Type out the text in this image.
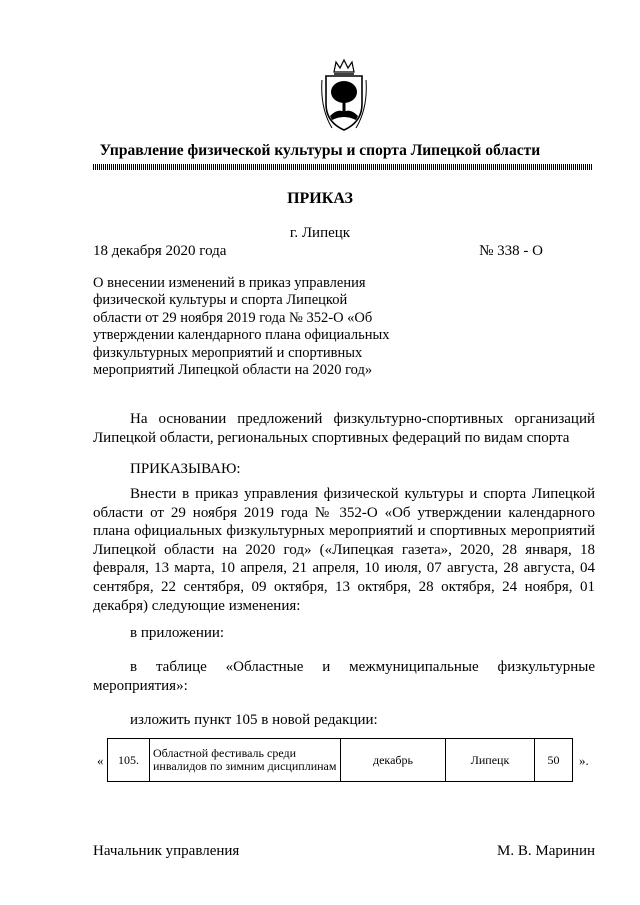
Управление физической культуры и спорта Липецкой области
ПРИКАЗ
г. Липецк
18 декабря 2020 года	№ 338 - О
О внесении изменений в приказ управления физической культуры и спорта Липецкой области от 29 ноября 2019 года № 352-О «Об утверждении календарного плана официальных физкультурных мероприятий и спортивных мероприятий Липецкой области на 2020 год»
На основании предложений физкультурно-спортивных организаций Липецкой области, региональных спортивных федераций по видам спорта
ПРИКАЗЫВАЮ:
Внести в приказ управления физической культуры и спорта Липецкой области от 29 ноября 2019 года № 352-О «Об утверждении календарного плана официальных физкультурных мероприятий и спортивных мероприятий Липецкой области на 2020 год» («Липецкая газета», 2020, 28 января, 18 февраля, 13 марта, 10 апреля, 21 апреля, 10 июля, 07 августа, 28 августа, 04 сентября, 22 сентября, 09 октября, 13 октября, 28 октября, 24 ноября, 01 декабря) следующие изменения:
в приложении:
в таблице «Областные и межмуниципальные физкультурные мероприятия»:
изложить пункт 105 в новой редакции:
« 105.	Областной фестиваль среди инвалидов по зимним дисциплинам	декабрь	Липецк	50 ».
Начальник управления	М. В. Маринин
